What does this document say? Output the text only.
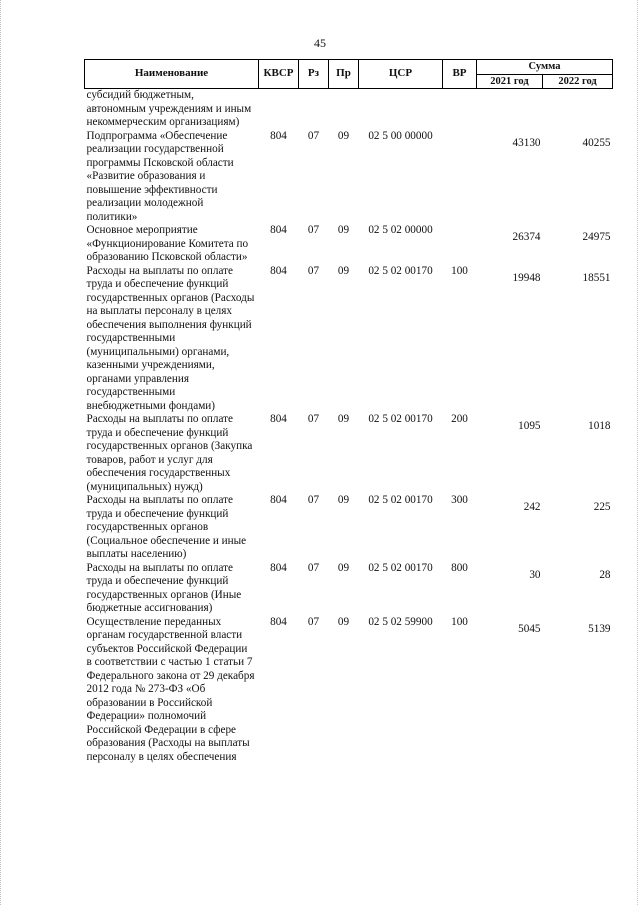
45
Наименование	КВСР	Рз	Пр	ЦСР	ВР	Сумма	
						2021 год	2022 год
субсидий бюджетным, автономным учреждениям и иным некоммерческим организациям)							
Подпрограмма «Обеспечение реализации государственной программы Псковской области «Развитие образования и повышение эффективности реализации молодежной политики»	804	07	09	02 5 00 00000		43130	40255
Основное мероприятие «Функционирование Комитета по образованию Псковской области»	804	07	09	02 5 02 00000		26374	24975
Расходы на выплаты по оплате труда и обеспечение функций государственных органов (Расходы на выплаты персоналу в целях обеспечения выполнения функций государственными (муниципальными) органами, казенными учреждениями, органами управления государственными внебюджетными фондами)	804	07	09	02 5 02 00170	100	19948	18551
Расходы на выплаты по оплате труда и обеспечение функций государственных органов (Закупка товаров, работ и услуг для обеспечения государственных (муниципальных) нужд)	804	07	09	02 5 02 00170	200	1095	1018
Расходы на выплаты по оплате труда и обеспечение функций государственных органов (Социальное обеспечение и иные выплаты населению)	804	07	09	02 5 02 00170	300	242	225
Расходы на выплаты по оплате труда и обеспечение функций государственных органов (Иные бюджетные ассигнования)	804	07	09	02 5 02 00170	800	30	28
Осуществление переданных органам государственной власти субъектов Российской Федерации в соответствии с частью 1 статьи 7 Федерального закона от 29 декабря 2012 года № 273-ФЗ «Об образовании в Российской Федерации» полномочий Российской Федерации в сфере образования (Расходы на выплаты персоналу в целях обеспечения	804	07	09	02 5 02 59900	100	5045	5139
